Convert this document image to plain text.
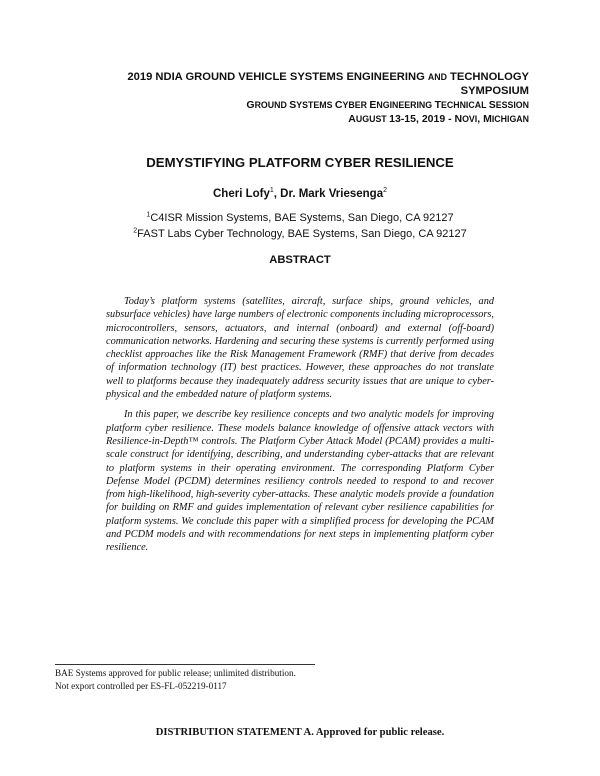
2019 NDIA GROUND VEHICLE SYSTEMS ENGINEERING AND TECHNOLOGY
SYMPOSIUM
GROUND SYSTEMS CYBER ENGINEERING TECHNICAL SESSION
AUGUST 13-15, 2019 - NOVI, MICHIGAN
DEMYSTIFYING PLATFORM CYBER RESILIENCE
Cheri Lofy$^1$, Dr. Mark Vriesenga$^2$
$^1$C4ISR Mission Systems, BAE Systems, San Diego, CA 92127
$^2$FAST Labs Cyber Technology, BAE Systems, San Diego, CA 92127
ABSTRACT

Today’s platform systems (satellites, aircraft, surface ships, ground vehicles, and subsurface vehicles) have large numbers of electronic components including microprocessors, microcontrollers, sensors, actuators, and internal (onboard) and external (off-board) communication networks. Hardening and securing these systems is currently performed using checklist approaches like the Risk Management Framework (RMF) that derive from decades of information technology (IT) best practices. However, these approaches do not translate well to platforms because they inadequately address security issues that are unique to cyber-physical and the embedded nature of platform systems.

In this paper, we describe key resilience concepts and two analytic models for improving platform cyber resilience. These models balance knowledge of offensive attack vectors with Resilience-in-Depth™ controls. The Platform Cyber Attack Model (PCAM) provides a multi-scale construct for identifying, describing, and understanding cyber-attacks that are relevant to platform systems in their operating environment. The corresponding Platform Cyber Defense Model (PCDM) determines resiliency controls needed to respond to and recover from high-likelihood, high-severity cyber-attacks. These analytic models provide a foundation for building on RMF and guides implementation of relevant cyber resilience capabilities for platform systems. We conclude this paper with a simplified process for developing the PCAM and PCDM models and with recommendations for next steps in implementing platform cyber resilience.

BAE Systems approved for public release; unlimited distribution.
Not export controlled per ES-FL-052219-0117
DISTRIBUTION STATEMENT A. Approved for public release.
